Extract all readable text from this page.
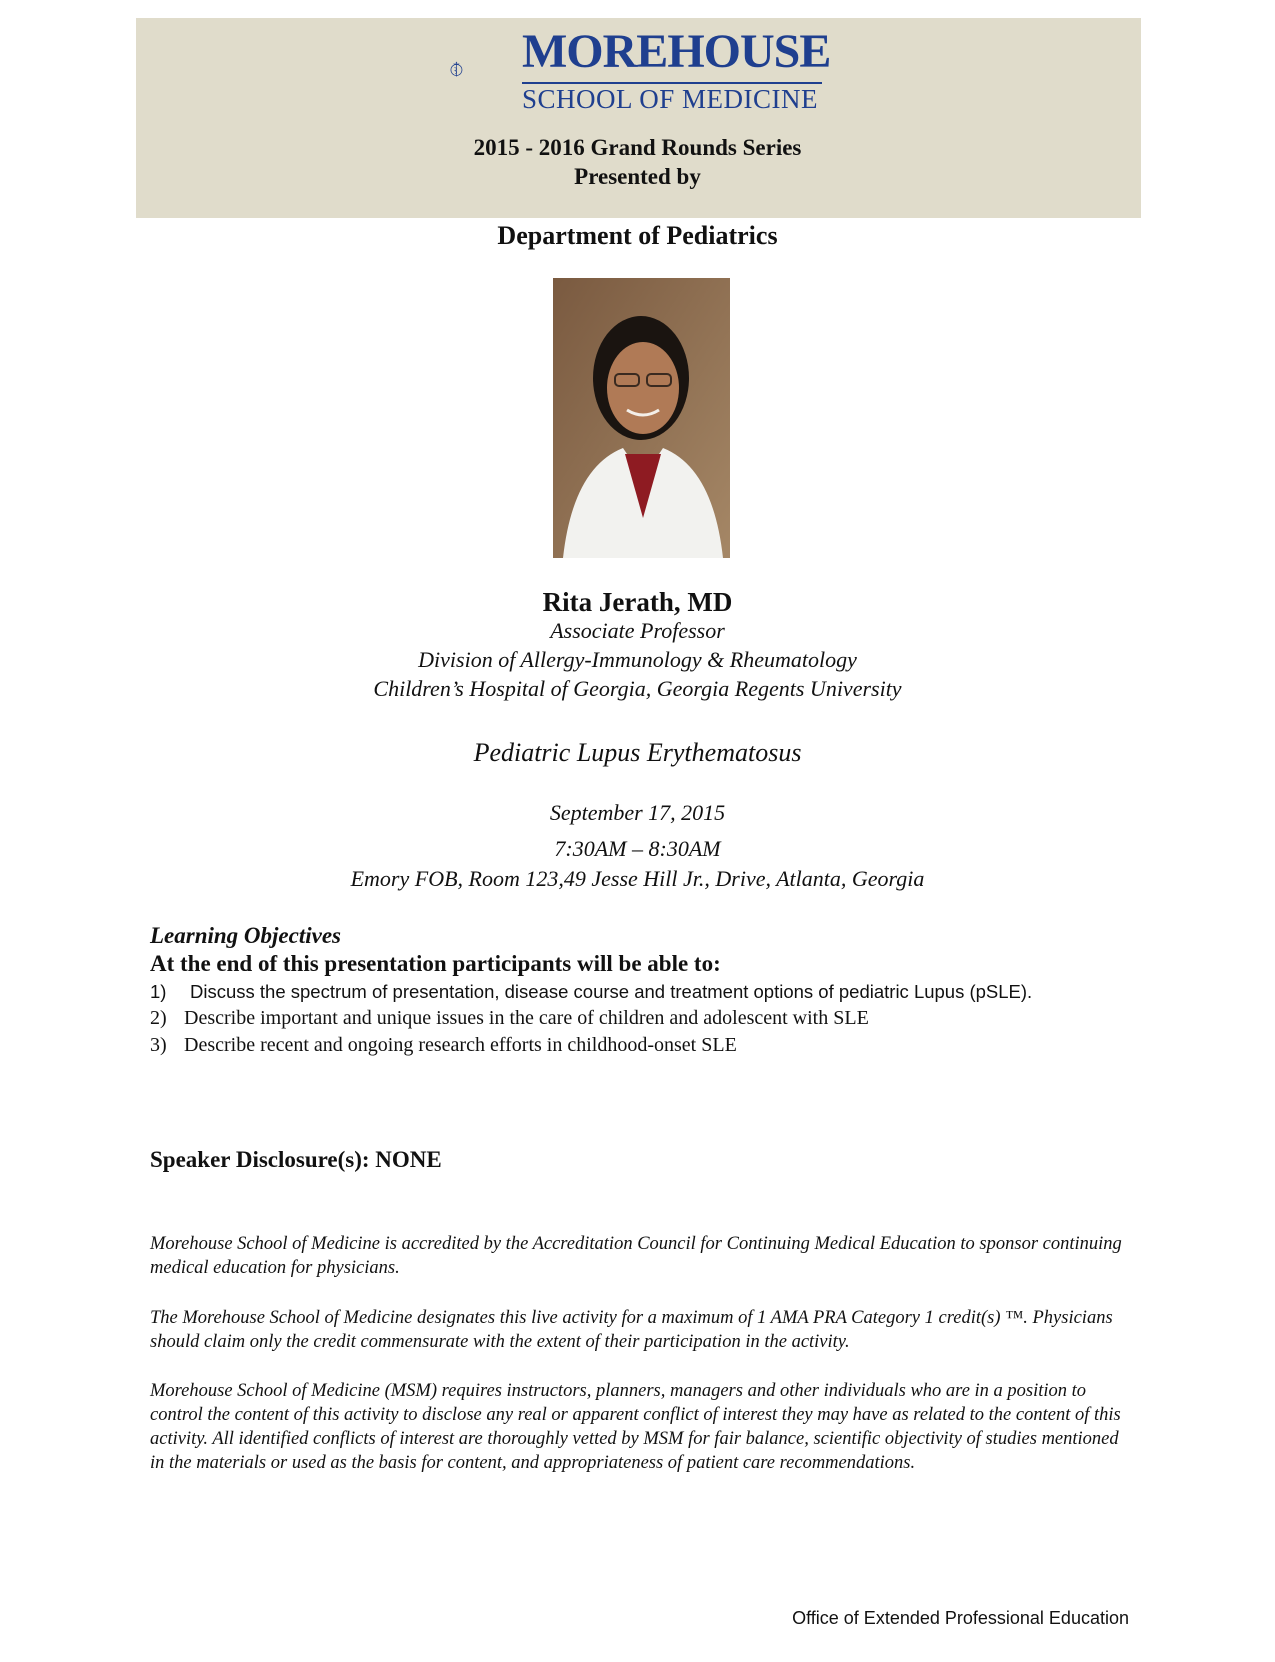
MOREHOUSE
SCHOOL OF MEDICINE
2015 - 2016 Grand Rounds Series
Presented by
Department of Pediatrics
Rita Jerath, MD
Associate Professor
Division of Allergy-Immunology & Rheumatology
Children’s Hospital of Georgia, Georgia Regents University
Pediatric Lupus Erythematosus
September 17, 2015
7:30AM – 8:30AM
Emory FOB, Room 123,49 Jesse Hill Jr., Drive, Atlanta, Georgia
Learning Objectives
At the end of this presentation participants will be able to:
1)	Discuss the spectrum of presentation, disease course and treatment options of pediatric Lupus (pSLE).
2) Describe important and unique issues in the care of children and adolescent with SLE
3) Describe recent and ongoing research efforts in childhood-onset SLE
Speaker Disclosure(s): NONE
Morehouse School of Medicine is accredited by the Accreditation Council for Continuing Medical Education to sponsor continuing medical education for physicians.
The Morehouse School of Medicine designates this live activity for a maximum of 1 AMA PRA Category 1 credit(s) ™. Physicians should claim only the credit commensurate with the extent of their participation in the activity.
Morehouse School of Medicine (MSM) requires instructors, planners, managers and other individuals who are in a position to control the content of this activity to disclose any real or apparent conflict of interest they may have as related to the content of this activity. All identified conflicts of interest are thoroughly vetted by MSM for fair balance, scientific objectivity of studies mentioned in the materials or used as the basis for content, and appropriateness of patient care recommendations.
Office of Extended Professional Education
